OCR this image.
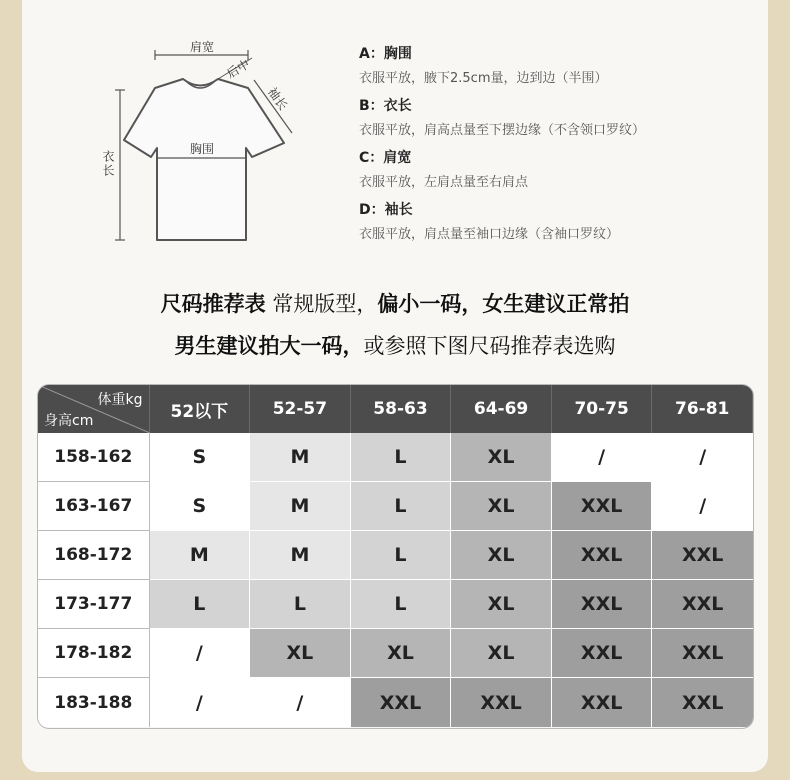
肩宽
后中
袖长
胸围
衣长
A：胸围
衣服平放，腋下2.5cm量，边到边（半围）
B：衣长
衣服平放，肩高点量至下摆边缘（不含领口罗纹）
C：肩宽
衣服平放，左肩点量至右肩点
D：袖长
衣服平放，肩点量至袖口边缘（含袖口罗纹）
尺码推荐表 常规版型，偏小一码，女生建议正常拍
男生建议拍大一码，或参照下图尺码推荐表选购
体重kg
身高cm	52以下	52-57	58-63	64-69	70-75	76-81
158-162	S	M	L	XL	/	/
163-167	S	M	L	XL	XXL	/
168-172	M	M	L	XL	XXL	XXL
173-177	L	L	L	XL	XXL	XXL
178-182	/	XL	XL	XL	XXL	XXL
183-188	/	/	XXL	XXL	XXL	XXL
